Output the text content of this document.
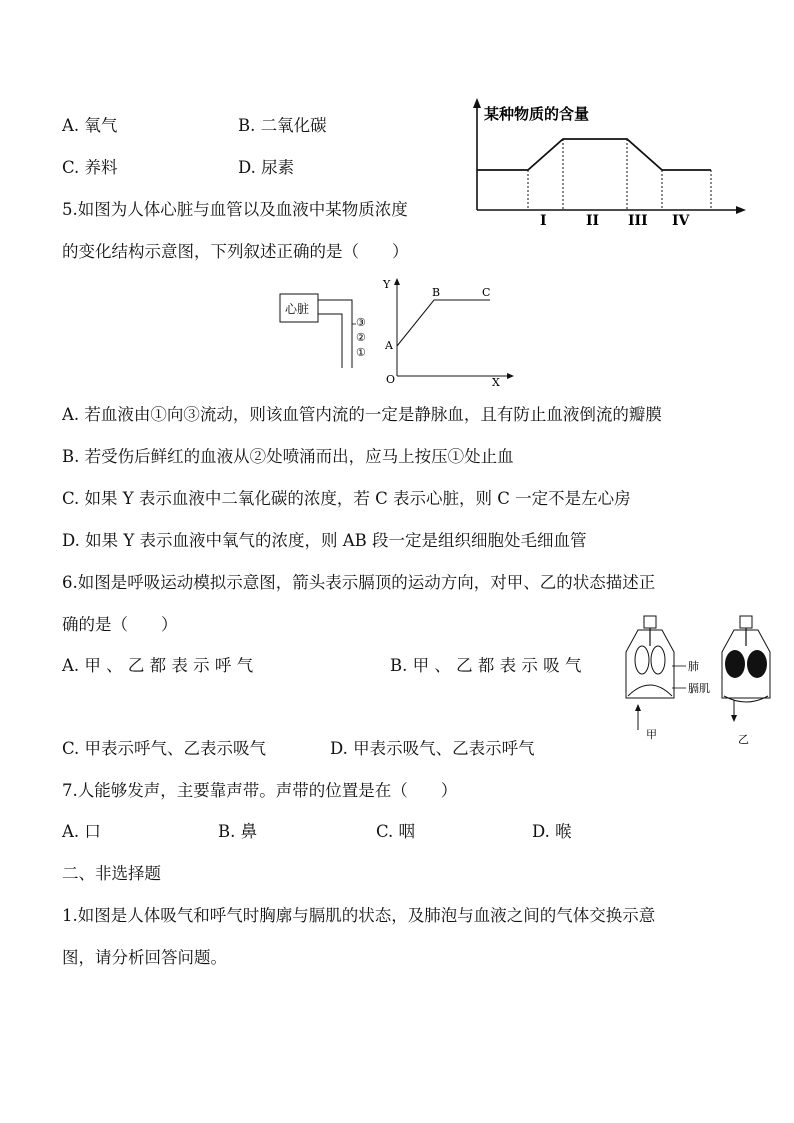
A. 氧气	B. 二氧化碳
C. 养料	D. 尿素
某种物质的含量
I	II III IV
5.如图为人体心脏与血管以及血液中某物质浓度
的变化结构示意图，下列叙述正确的是（　　）
心脏
③
②
①
Y
X
O
A
B	C
A. 若血液由①向③流动，则该血管内流的一定是静脉血，且有防止血液倒流的瓣膜
B. 若受伤后鲜红的血液从②处喷涌而出，应马上按压①处止血
C. 如果 Y 表示血液中二氧化碳的浓度，若 C 表示心脏，则 C 一定不是左心房
D. 如果 Y 表示血液中氧气的浓度，则 AB 段一定是组织细胞处毛细血管
6.如图是呼吸运动模拟示意图，箭头表示膈顶的运动方向，对甲、乙的状态描述正
确的是（　　）
A. 甲 、 乙 都 表 示 呼 气	B. 甲 、 乙 都 表 示 吸 气
C. 甲表示呼气、乙表示吸气	D. 甲表示吸气、乙表示呼气
肺
膈肌
甲	乙
7.人能够发声，主要靠声带。声带的位置是在（　　）
A. 口	B. 鼻	C. 咽	D. 喉
二、非选择题
1.如图是人体吸气和呼气时胸廓与膈肌的状态，及肺泡与血液之间的气体交换示意
图，请分析回答问题。
